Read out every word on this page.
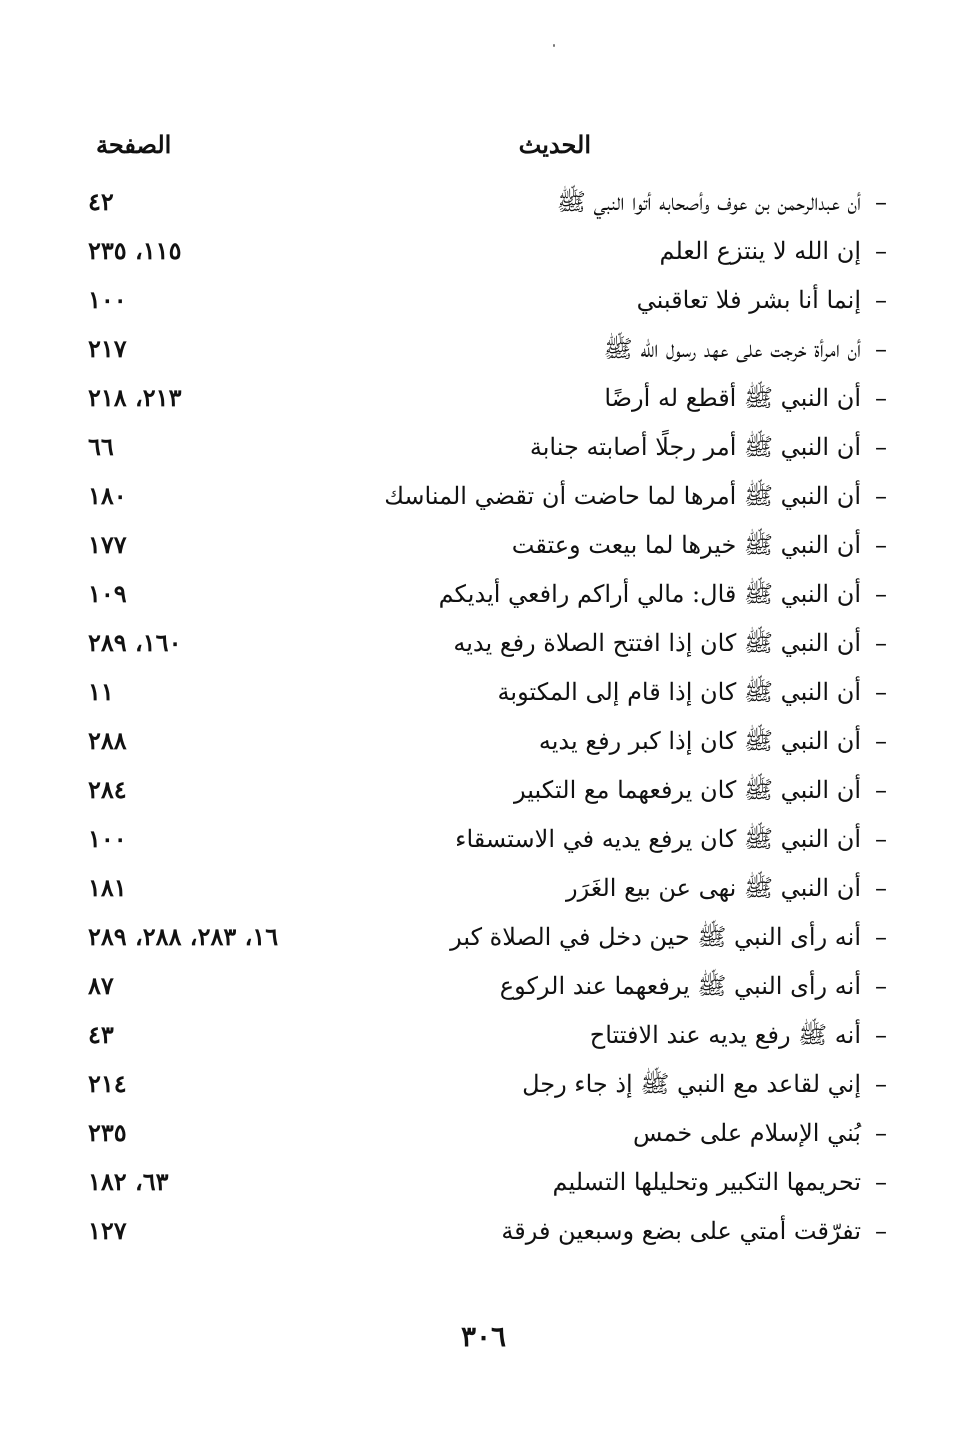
الحديث
الصفحة
–
أن عبدالرحمن بن عوف وأصحابه أتوا النبي ﷺ
٤٢
–
إن الله لا ينتزع العلم
١١٥، ٢٣٥
–
إنما أنا بشر فلا تعاقبني
١٠٠
–
أن امرأة خرجت على عهد رسول الله ﷺ
٢١٧
–
أن النبي ﷺ أقطع له أرضًا
٢١٣، ٢١٨
–
أن النبي ﷺ أمر رجلًا أصابته جنابة
٦٦
–
أن النبي ﷺ أمرها لما حاضت أن تقضي المناسك
١٨٠
–
أن النبي ﷺ خيرها لما بيعت وعتقت
١٧٧
–
أن النبي ﷺ قال: مالي أراكم رافعي أيديكم
١٠٩
–
أن النبي ﷺ كان إذا افتتح الصلاة رفع يديه
١٦٠، ٢٨٩
–
أن النبي ﷺ كان إذا قام إلى المكتوبة
١١
–
أن النبي ﷺ كان إذا كبر رفع يديه
٢٨٨
–
أن النبي ﷺ كان يرفعهما مع التكبير
٢٨٤
–
أن النبي ﷺ كان يرفع يديه في الاستسقاء
١٠٠
–
أن النبي ﷺ نهى عن بيع الغَرَر
١٨١
–
أنه رأى النبي ﷺ حين دخل في الصلاة كبر
١٦، ٢٨٣، ٢٨٨، ٢٨٩
–
أنه رأى النبي ﷺ يرفعهما عند الركوع
٨٧
–
أنه ﷺ رفع يديه عند الافتتاح
٤٣
–
إني لقاعد مع النبي ﷺ إذ جاء رجل
٢١٤
–
بُني الإسلام على خمس
٢٣٥
–
تحريمها التكبير وتحليلها التسليم
٦٣، ١٨٢
–
تفرّقت أمتي على بضع وسبعين فرقة
١٢٧
٣٠٦
